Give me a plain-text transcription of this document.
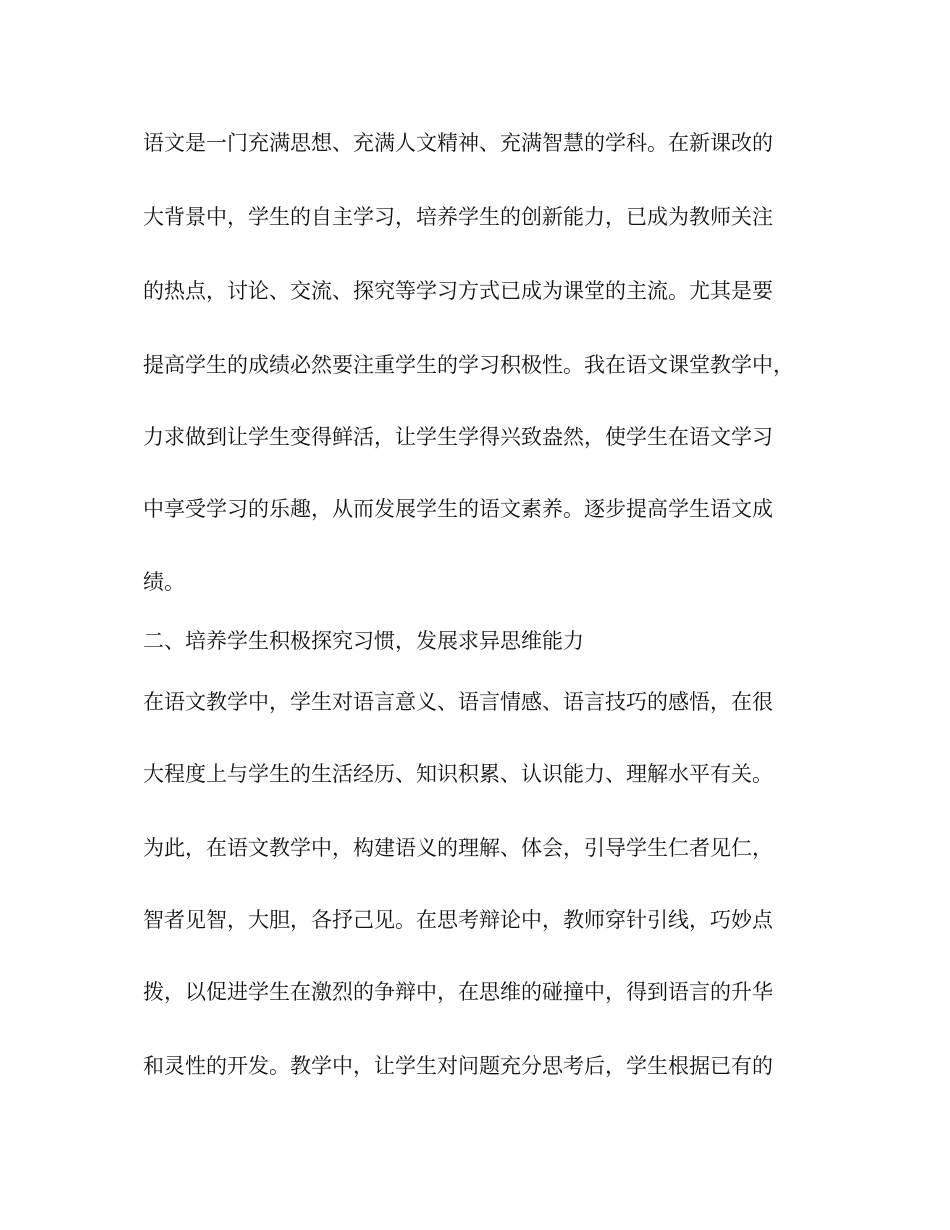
语文是一门充满思想、充满人文精神、充满智慧的学科。在新课改的
大背景中，学生的自主学习，培养学生的创新能力，已成为教师关注
的热点，讨论、交流、探究等学习方式已成为课堂的主流。尤其是要
提高学生的成绩必然要注重学生的学习积极性。我在语文课堂教学中，
力求做到让学生变得鲜活，让学生学得兴致盎然，使学生在语文学习
中享受学习的乐趣，从而发展学生的语文素养。逐步提高学生语文成
绩。
二、培养学生积极探究习惯，发展求异思维能力
在语文教学中，学生对语言意义、语言情感、语言技巧的感悟，在很
大程度上与学生的生活经历、知识积累、认识能力、理解水平有关。
为此，在语文教学中，构建语义的理解、体会，引导学生仁者见仁，
智者见智，大胆，各抒己见。在思考辩论中，教师穿针引线，巧妙点
拨，以促进学生在激烈的争辩中，在思维的碰撞中，得到语言的升华
和灵性的开发。教学中，让学生对问题充分思考后，学生根据已有的
